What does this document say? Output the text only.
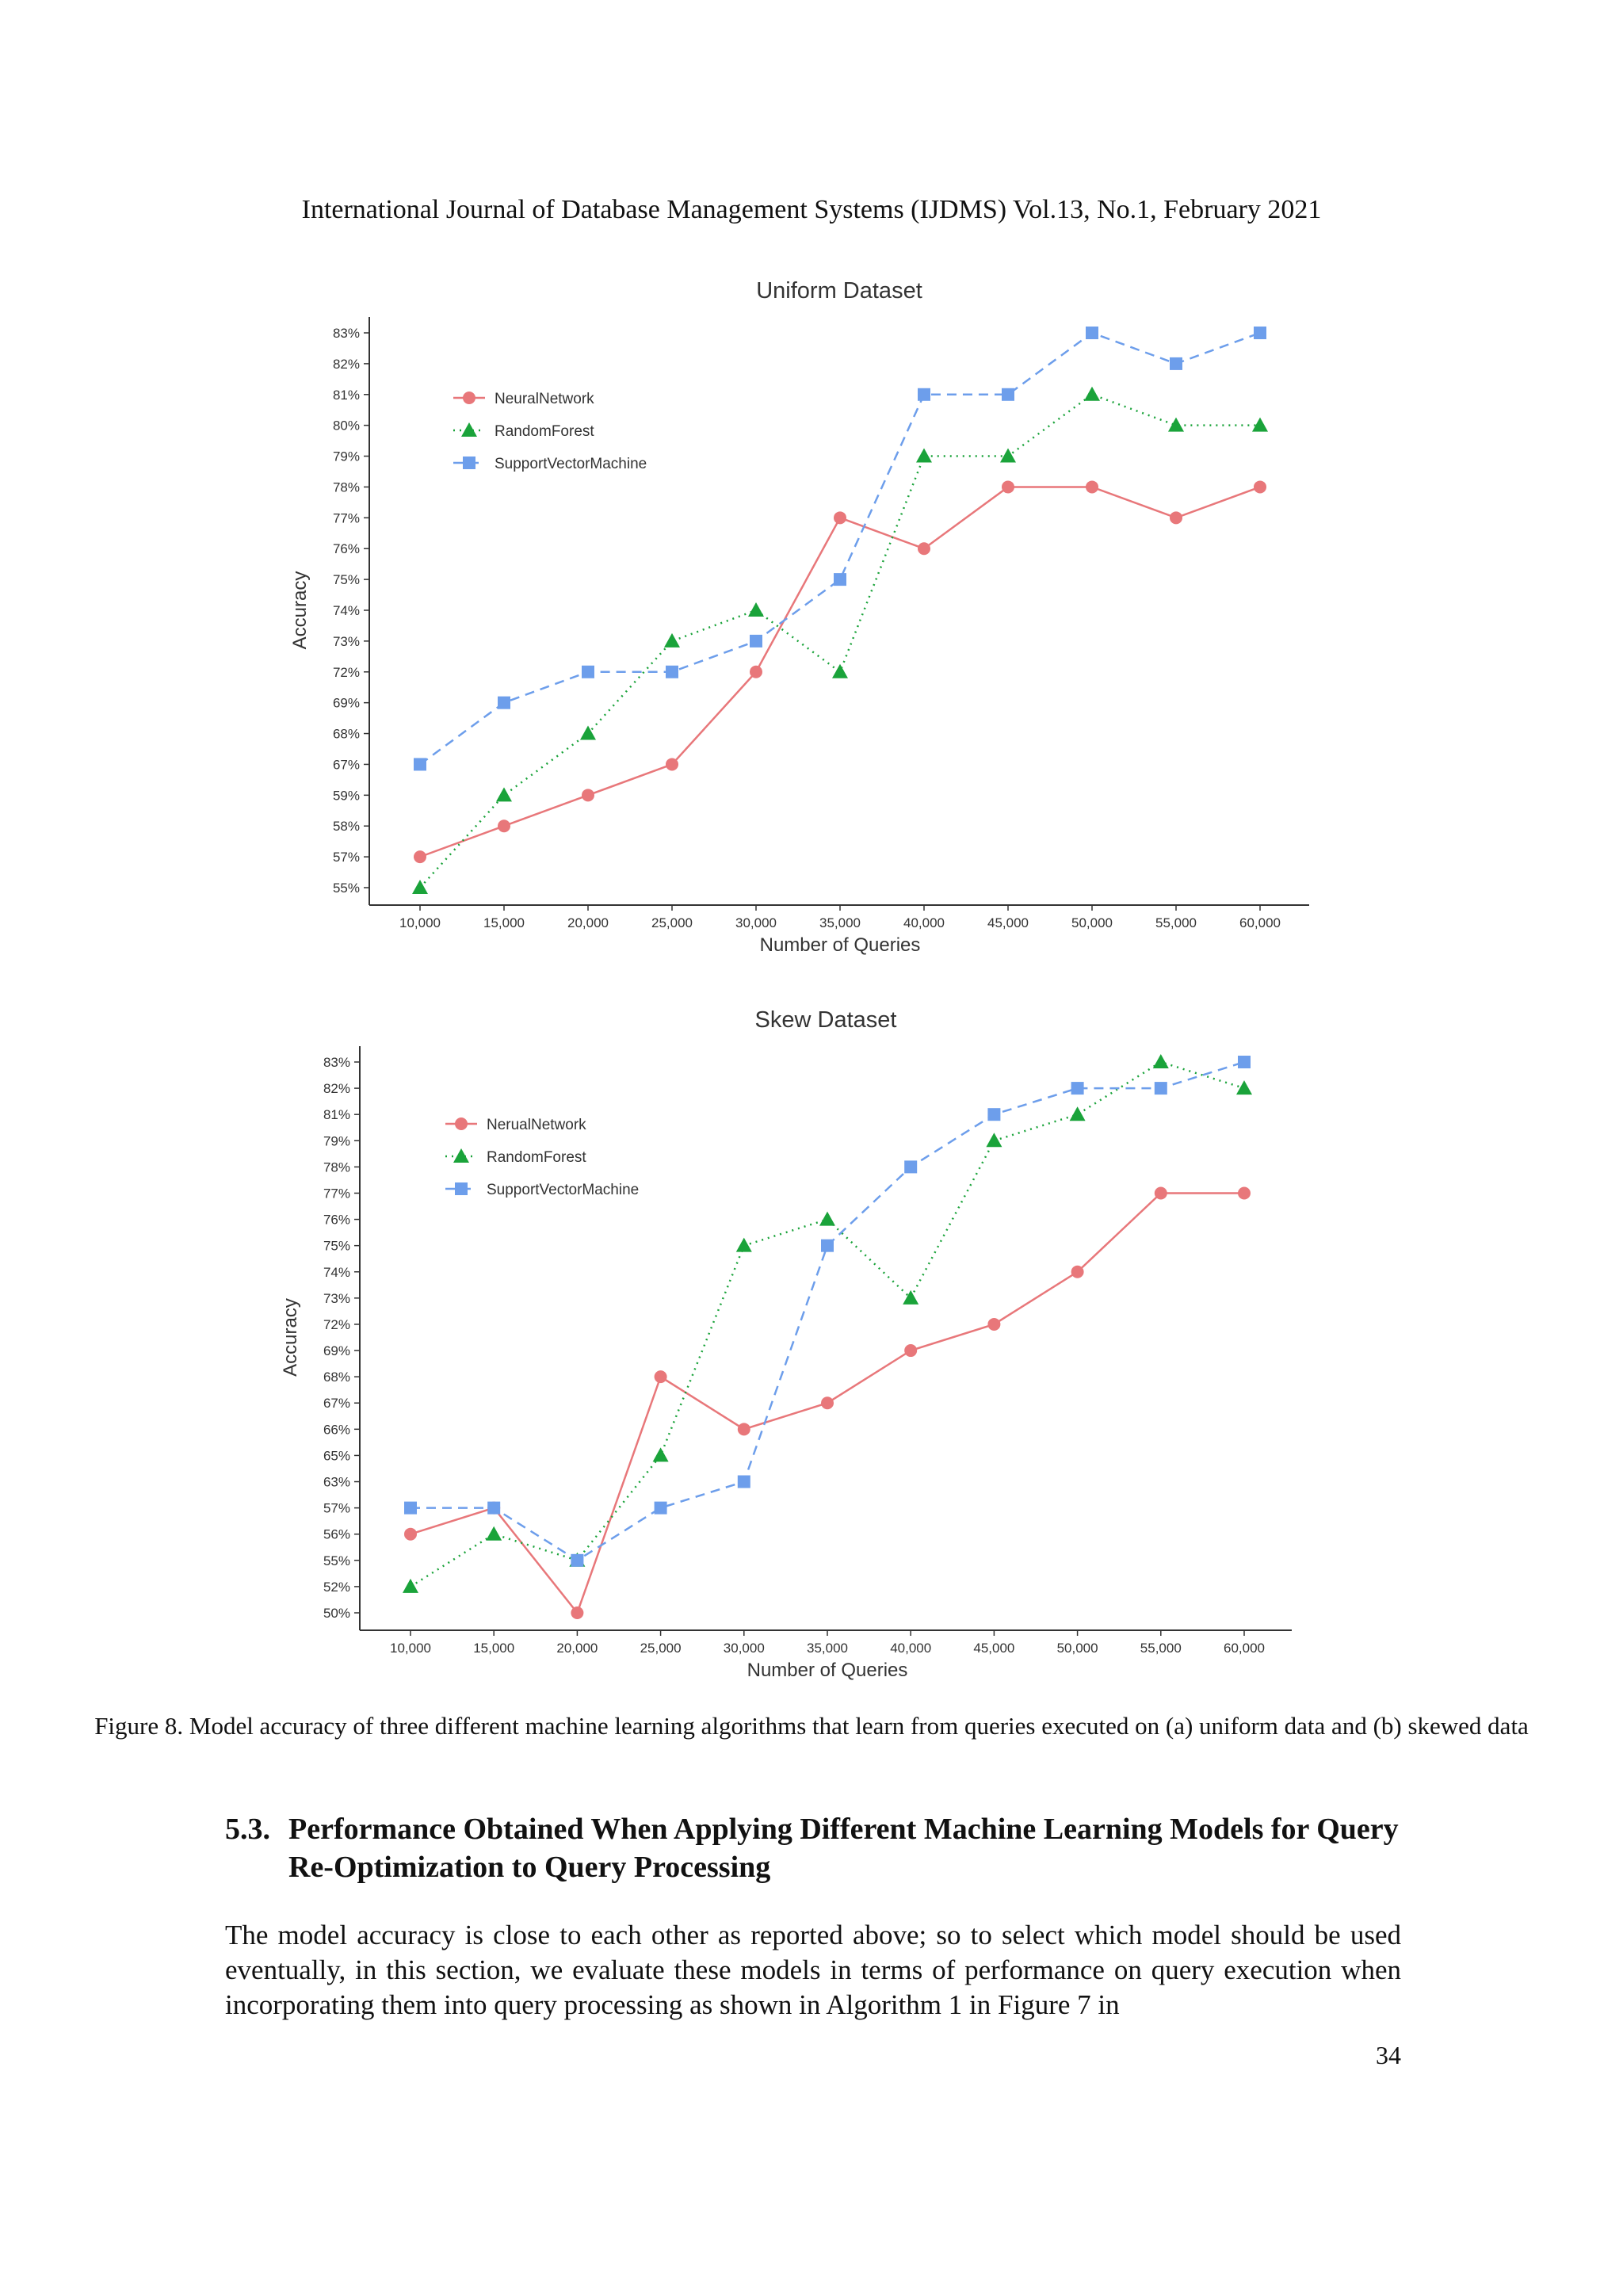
International Journal of Database Management Systems (IJDMS) Vol.13, No.1, February 2021
Uniform Dataset
55%
57%
58%
59%
67%
68%
69%
72%
73%
74%
75%
76%
77%
78%
79%
80%
81%
82%
83%
10,000	15,000	20,000	25,000	30,000	35,000	40,000	45,000	50,000	55,000	60,000
Number of Queries
Accuracy
NeuralNetwork
RandomForest
SupportVectorMachine
Skew Dataset
50%
52%
55%
56%
57%
63%
65%
66%
67%
68%
69%
72%
73%
74%
75%
76%
77%
78%
79%
81%
82%
83%
10,000	15,000	20,000	25,000	30,000	35,000	40,000	45,000	50,000	55,000	60,000
Number of Queries
Accuracy
NerualNetwork
RandomForest
SupportVectorMachine
Figure 8. Model accuracy of three different machine learning algorithms that learn from queries executed on (a) uniform data and (b) skewed data
5.3. Performance Obtained When Applying Different Machine Learning Models for Query Re-Optimization to Query Processing
The model accuracy is close to each other as reported above; so to select which model should be used eventually, in this section, we evaluate these models in terms of performance on query execution when incorporating them into query processing as shown in Algorithm 1 in Figure 7 in
34
